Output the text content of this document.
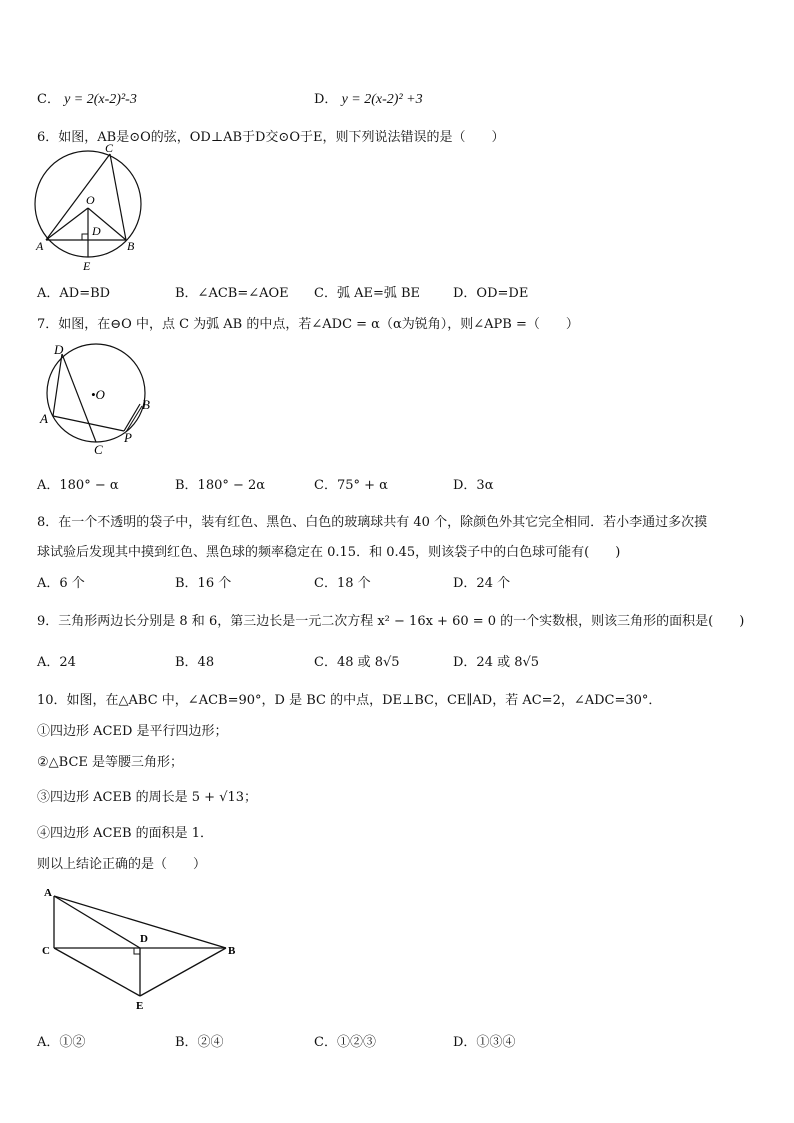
C． y = 2(x-2)²-3	D． y = 2(x-2)² +3
6．如图，AB是⊙O的弦，OD⊥AB于D交⊙O于E，则下列说法错误的是（　　）
C
O
D
A	B
E
A．AD=BD	B．∠ACB=∠AOE C．弧 AE=弧 BE	D．OD=DE
7．如图，在⊖O 中，点 C 为弧 AB 的中点，若∠ADC = α（α为锐角），则∠APB =（　　）
D
•O
A
B
P
C
A．180° − α	B．180° − 2α	C．75° + α	D．3α
8．在一个不透明的袋子中，装有红色、黑色、白色的玻璃球共有 40 个，除颜色外其它完全相同．若小李通过多次摸
球试验后发现其中摸到红色、黑色球的频率稳定在 0.15．和 0.45，则该袋子中的白色球可能有(　　)
A．6 个	B．16 个	C．18 个	D．24 个
9．三角形两边长分别是 8 和 6，第三边长是一元二次方程 x² − 16x + 60 = 0 的一个实数根，则该三角形的面积是(　　)
A．24	B．48	C．48 或 8√5	D．24 或 8√5
10．如图，在△ABC 中，∠ACB=90°，D 是 BC 的中点，DE⊥BC，CE∥AD，若 AC=2，∠ADC=30°．
①四边形 ACED 是平行四边形；
②△BCE 是等腰三角形；
③四边形 ACEB 的周长是 5 + √13；
④四边形 ACEB 的面积是 1．
则以上结论正确的是（　　）
A
C
D
B
E
A．①②	B．②④	C．①②③	D．①③④
